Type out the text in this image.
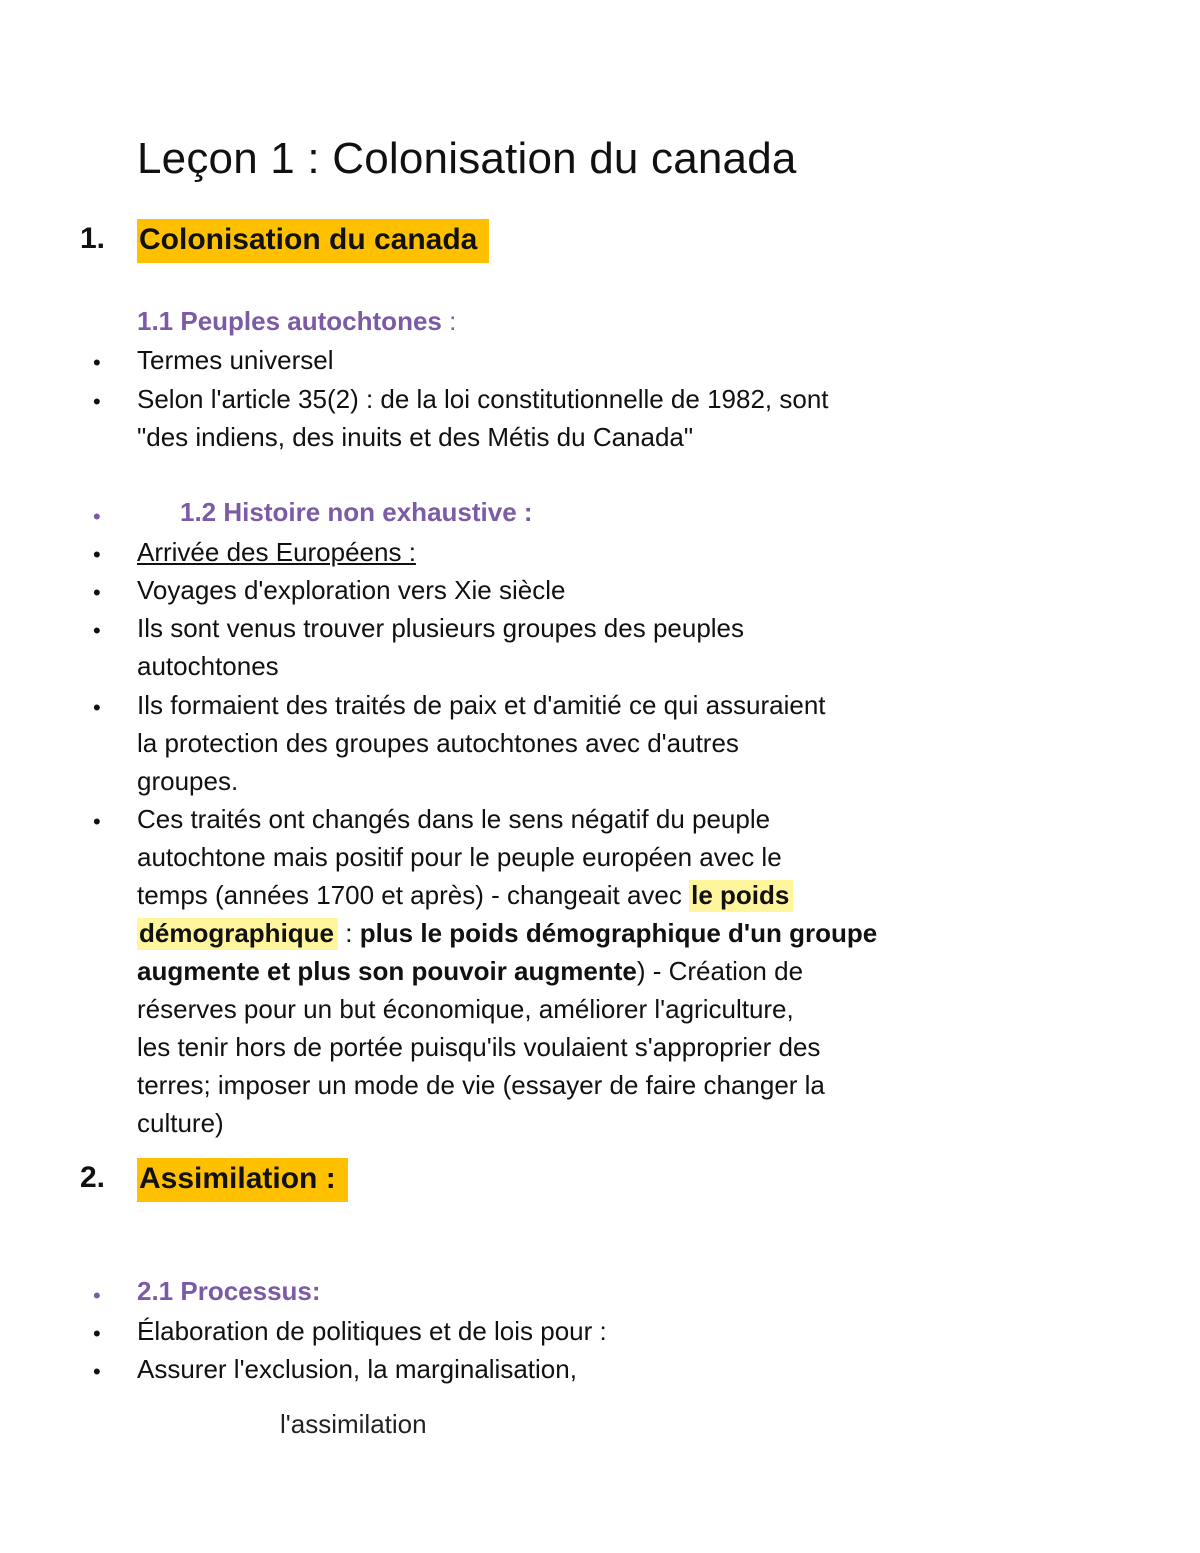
Leçon 1 : Colonisation du canada
1. Colonisation du canada
1.1 Peuples autochtones :
• Termes universel
• Selon l'article 35(2) : de la loi constitutionnelle de 1982, sont
"des indiens, des inuits et des Métis du Canada"
•	1.2 Histoire non exhaustive :
• Arrivée des Européens :
• Voyages d'exploration vers Xie siècle
• Ils sont venus trouver plusieurs groupes des peuples
autochtones
• Ils formaient des traités de paix et d'amitié ce qui assuraient
la protection des groupes autochtones avec d'autres
groupes.
• Ces traités ont changés dans le sens négatif du peuple
autochtone mais positif pour le peuple européen avec le
temps (années 1700 et après) - changeait avec le poids
démographique : plus le poids démographique d'un groupe
augmente et plus son pouvoir augmente) - Création de
réserves pour un but économique, améliorer l'agriculture,
les tenir hors de portée puisqu'ils voulaient s'approprier des
terres; imposer un mode de vie (essayer de faire changer la
culture)
2. Assimilation :
• 2.1 Processus:
• Élaboration de politiques et de lois pour :
• Assurer l'exclusion, la marginalisation,
l'assimilation
